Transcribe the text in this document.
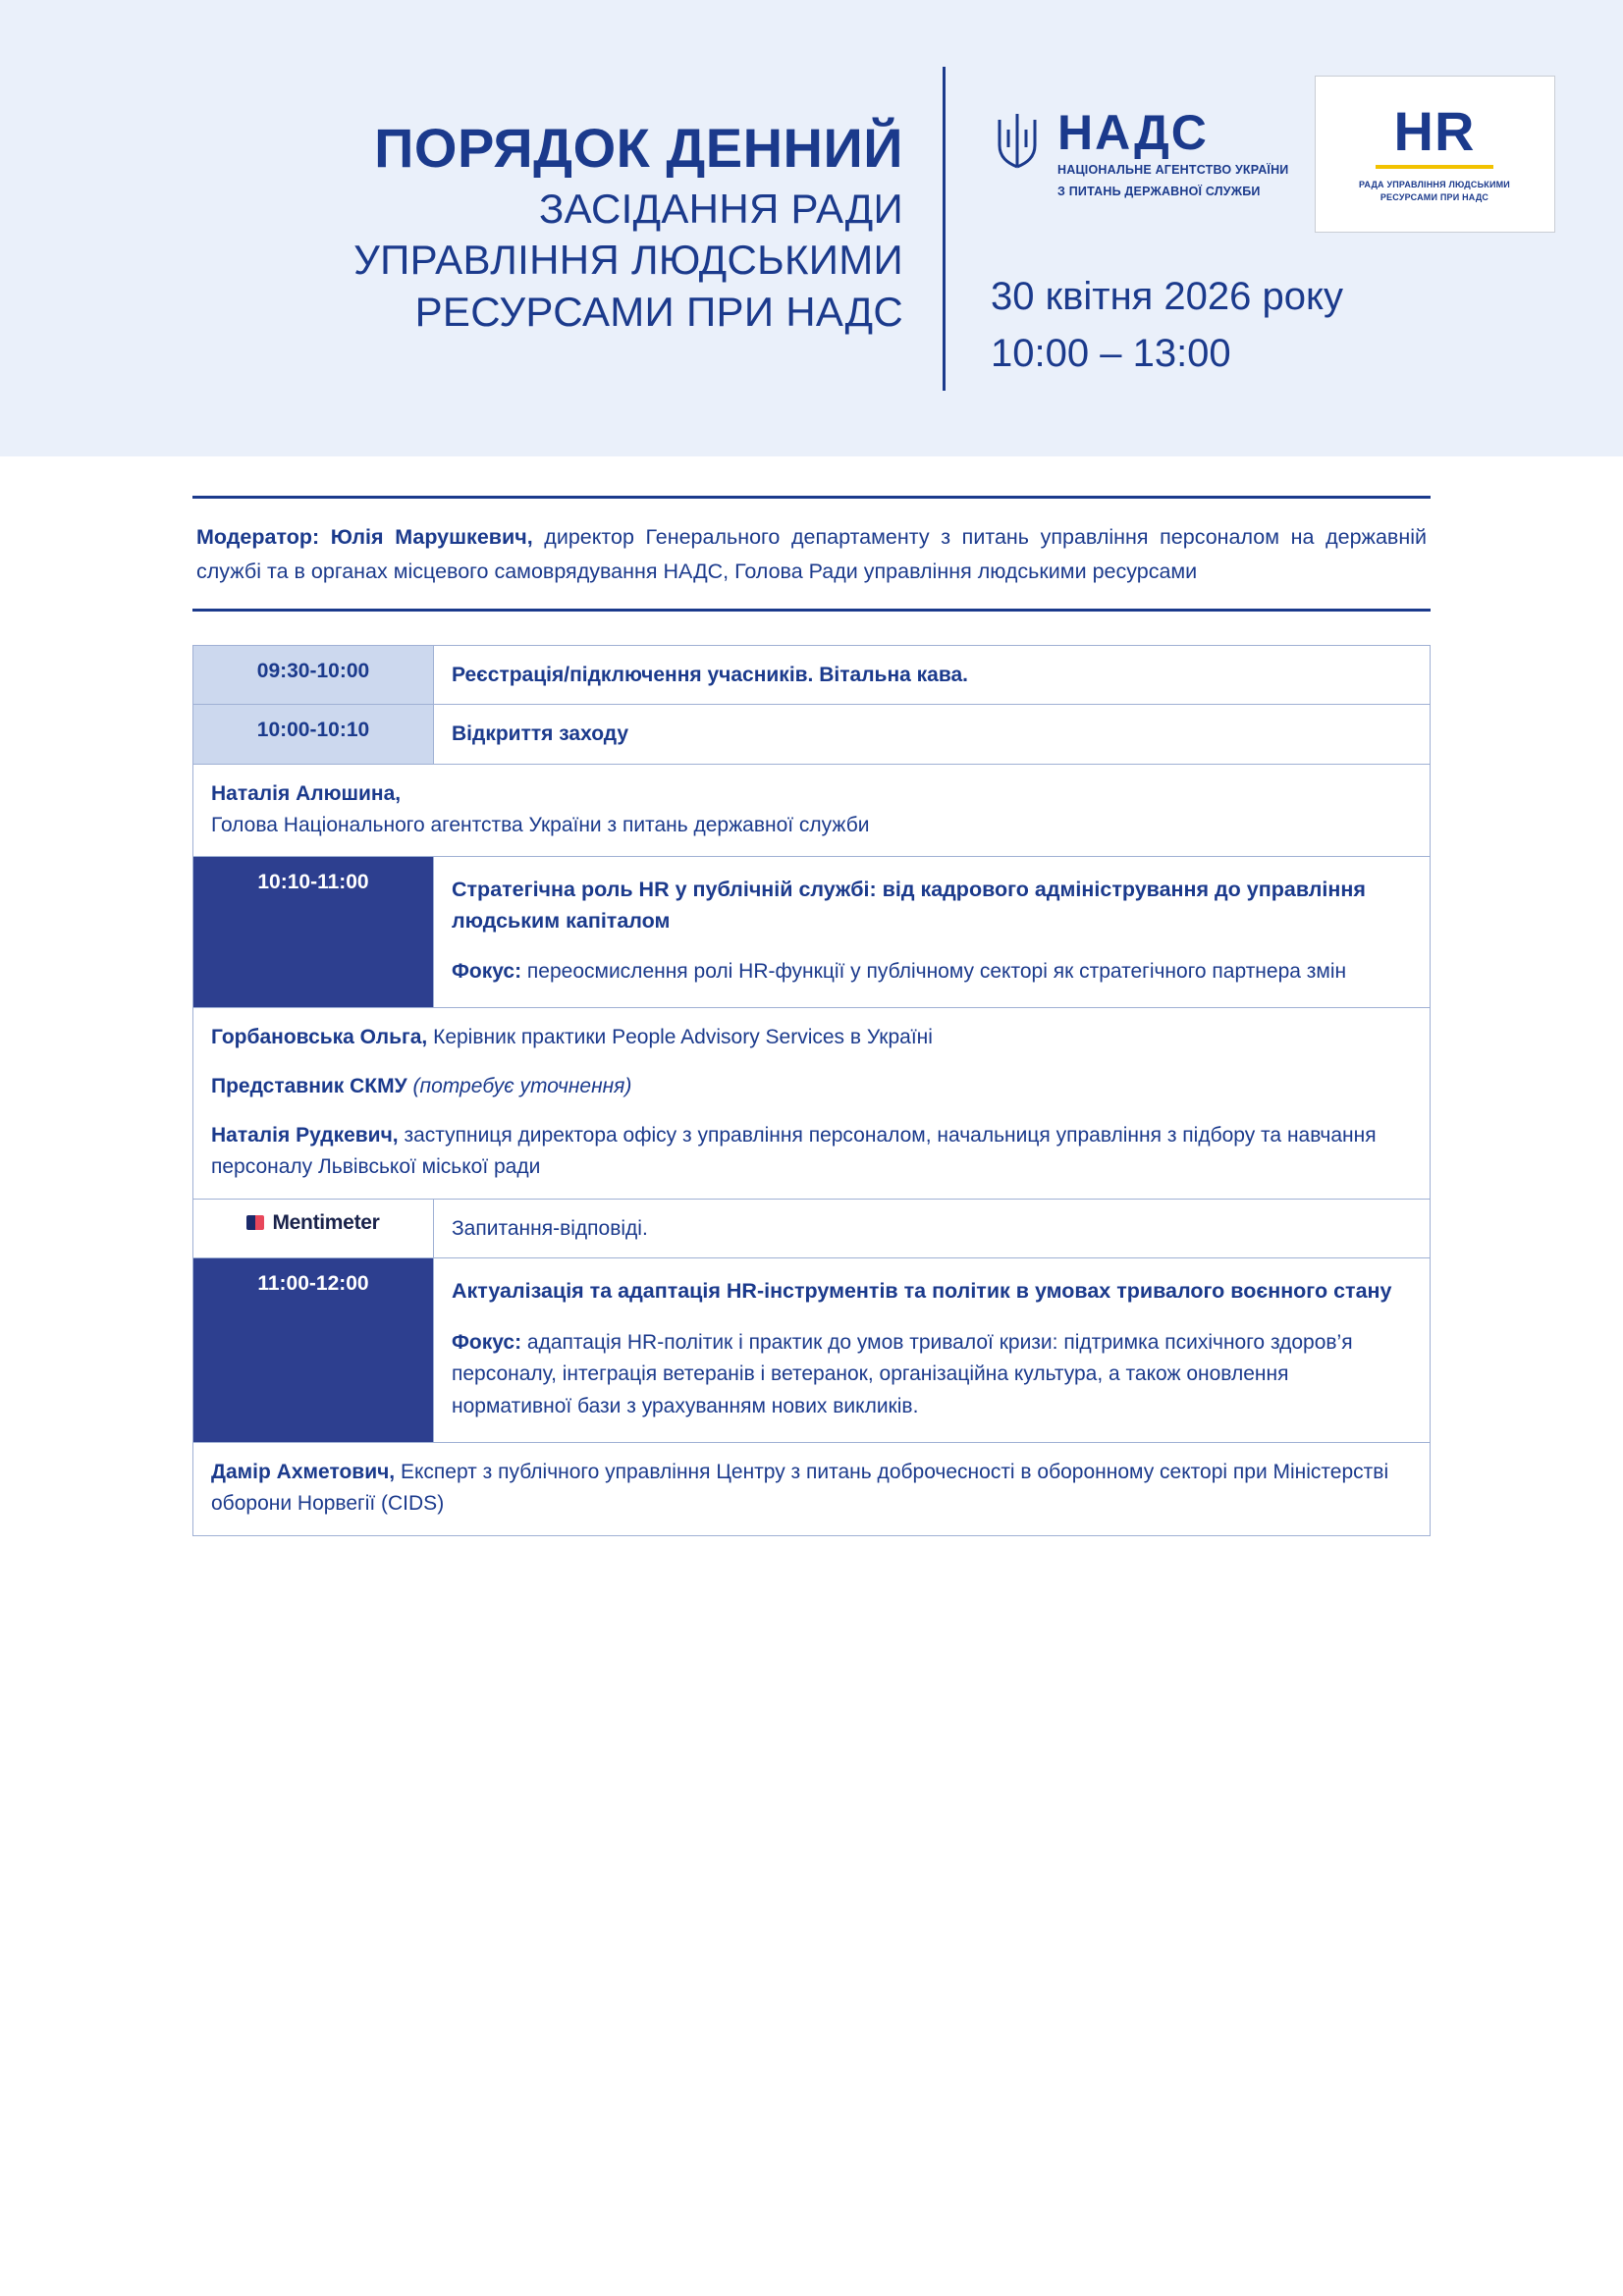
ПОРЯДОК ДЕННИЙ
ЗАСІДАННЯ РАДИ
УПРАВЛІННЯ ЛЮДСЬКИМИ
РЕСУРСАМИ ПРИ НАДС
НАДС
НАЦІОНАЛЬНЕ АГЕНТСТВО УКРАЇНИ
З ПИТАНЬ ДЕРЖАВНОЇ СЛУЖБИ
HR
РАДА УПРАВЛІННЯ ЛЮДСЬКИМИ
РЕСУРСАМИ ПРИ НАДС
30 квітня 2026 року
10:00 – 13:00
Модератор: Юлія Марушкевич, директор Генерального департаменту з питань управління персоналом на державній службі та в органах місцевого самоврядування НАДС, Голова Ради управління людськими ресурсами
09:30-10:00	Реєстрація/підключення учасників. Вітальна кава.
10:00-10:10	Відкриття заходу

Наталія Алюшина,

Голова Національного агентства України з питань державної служби	

10:10-11:00	Стратегічна роль HR у публічній службі: від кадрового адміністрування до управління людським капіталом
Фокус: переосмислення ролі HR-функції у публічному секторі як стратегічного партнера змін

Горбановська Ольга, Керівник практики People Advisory Services в Україні

Представник СКМУ (потребує уточнення)

Наталія Рудкевич, заступниця директора офісу з управління персоналом, начальниця управління з підбору та навчання персоналу Львівської міської ради	

Mentimeter	Запитання-відповіді.
11:00-12:00	Актуалізація та адаптація HR-інструментів та політик в умовах тривалого воєнного стану
Фокус: адаптація HR-політик і практик до умов тривалої кризи: підтримка психічного здоров’я персоналу, інтеграція ветеранів і ветеранок, організаційна культура, а також оновлення нормативної бази з урахуванням нових викликів.

Дамір Ахметович, Експерт з публічного управління Центру з питань доброчесності в оборонному секторі при Міністерстві оборони Норвегії (CIDS)	
